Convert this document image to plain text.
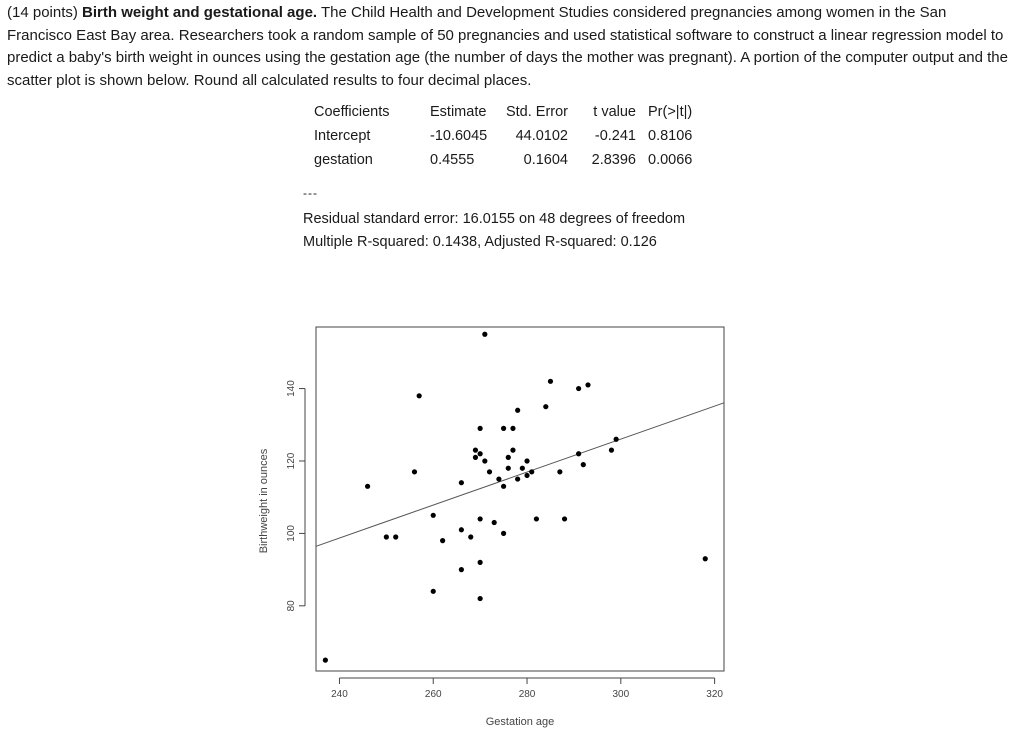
(14 points) Birth weight and gestational age. The Child Health and Development Studies considered pregnancies among women in the San Francisco East Bay area. Researchers took a random sample of 50 pregnancies and used statistical software to construct a linear regression model to predict a baby's birth weight in ounces using the gestation age (the number of days the mother was pregnant). A portion of the computer output and the scatter plot is shown below. Round all calculated results to four decimal places.

Coefficients	Estimate	Std. Error	t value	Pr(>|t|)
Intercept	-10.6045	44.0102	-0.241	0.8106
gestation	0.4555	0.1604	2.8396	0.0066
---
Residual standard error: 16.0155 on 48 degrees of freedom
Multiple R-squared: 0.1438, Adjusted R-squared: 0.126
80
100
120
140
240	260	280	300	320
Gestation age
Birthweight in ounces
